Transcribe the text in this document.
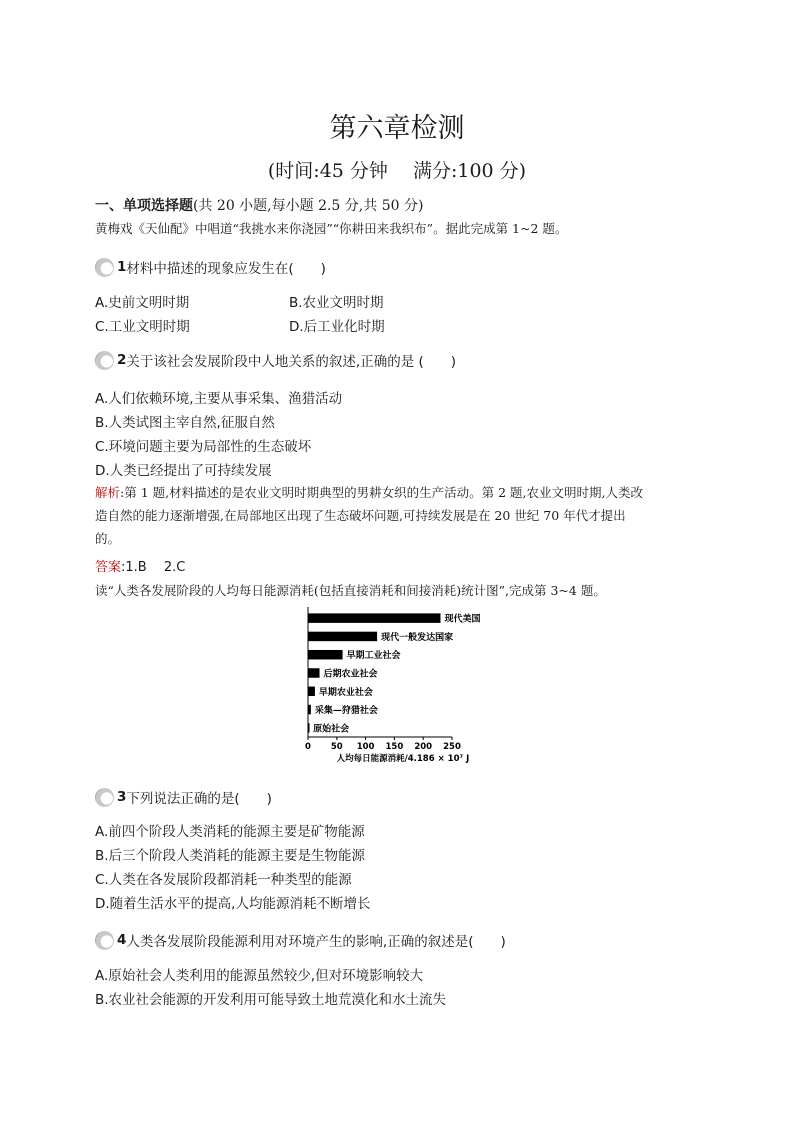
第六章检测
(时间:45 分钟　 满分:100 分)
一、单项选择题(共 20 小题,每小题 2.5 分,共 50 分)
黄梅戏《天仙配》中唱道“我挑水来你浇园”“你耕田来我织布”。据此完成第 1~2 题。
1 材料中描述的现象应发生在(　　)
A.史前文明时期	B.农业文明时期
C.工业文明时期	D.后工业化时期
2 关于该社会发展阶段中人地关系的叙述,正确的是 (　　)
A.人们依赖环境,主要从事采集、渔猎活动
B.人类试图主宰自然,征服自然
C.环境问题主要为局部性的生态破坏
D.人类已经提出了可持续发展
解析:第 1 题,材料描述的是农业文明时期典型的男耕女织的生产活动。第 2 题,农业文明时期,人类改
造自然的能力逐渐增强,在局部地区出现了生态破坏问题,可持续发展是在 20 世纪 70 年代才提出
的。
答案:1.B　 2.C
读“人类各发展阶段的人均每日能源消耗(包括直接消耗和间接消耗)统计图”,完成第 3~4 题。
现代美国
现代一般发达国家
早期工业社会
后期农业社会
早期农业社会
采集—狩猎社会
原始社会
0 50 100 150 200 250
人均每日能源消耗/4.186 × 10⁷ J
3 下列说法正确的是(　　)
A.前四个阶段人类消耗的能源主要是矿物能源
B.后三个阶段人类消耗的能源主要是生物能源
C.人类在各发展阶段都消耗一种类型的能源
D.随着生活水平的提高,人均能源消耗不断增长
4 人类各发展阶段能源利用对环境产生的影响,正确的叙述是(　　)
A.原始社会人类利用的能源虽然较少,但对环境影响较大
B.农业社会能源的开发利用可能导致土地荒漠化和水土流失
